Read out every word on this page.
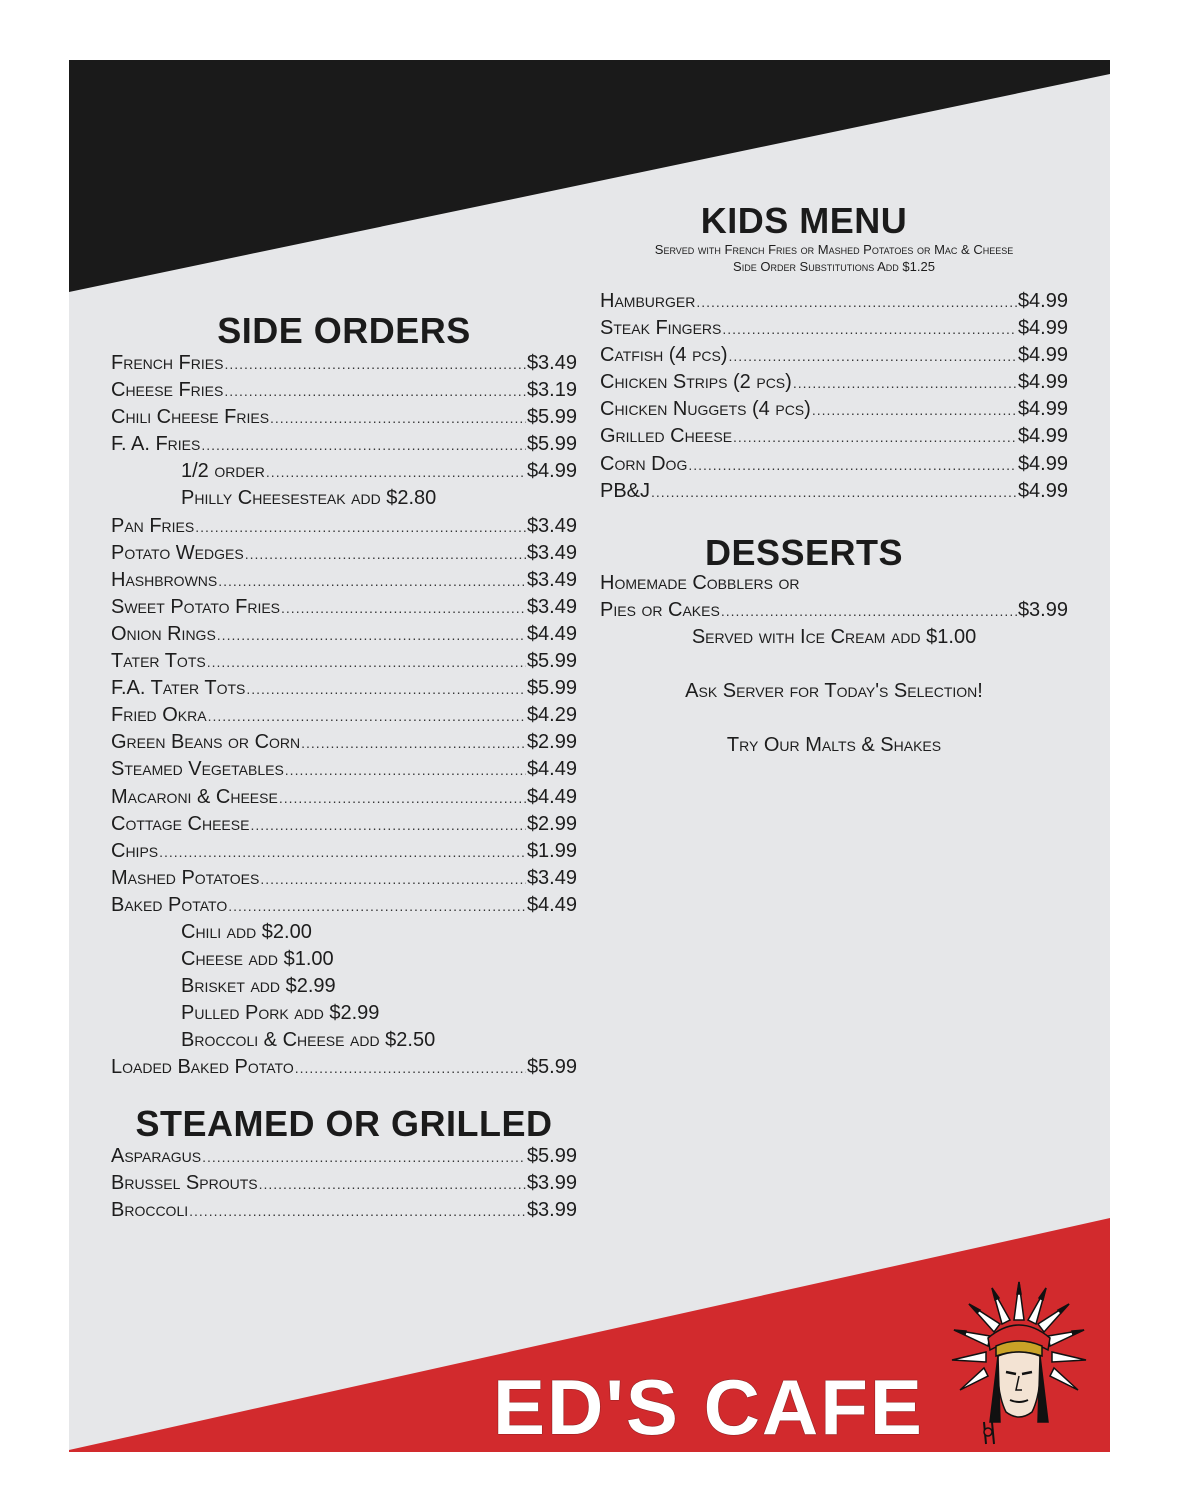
SIDE ORDERS
French Fries .....	$3.49
Cheese Fries .....	$3.19
Chili Cheese Fries .....	$5.99
F. A. Fries .....	$5.99
1/2 order .....	$4.99
Philly Cheesesteak add $2.80
Pan Fries .....	$3.49
Potato Wedges .....	$3.49
Hashbrowns .....	$3.49
Sweet Potato Fries .....	$3.49
Onion Rings .....	$4.49
Tater Tots .....	$5.99
F.A. Tater Tots .....	$5.99
Fried Okra .....	$4.29
Green Beans or Corn .....	$2.99
Steamed Vegetables .....	$4.49
Macaroni & Cheese .....	$4.49
Cottage Cheese .....	$2.99
Chips .....	$1.99
Mashed Potatoes .....	$3.49
Baked Potato .....	$4.49
Chili add $2.00
Cheese add $1.00
Brisket add $2.99
Pulled Pork add $2.99
Broccoli & Cheese add $2.50
Loaded Baked Potato .....	$5.99
STEAMED OR GRILLED
Asparagus .....	$5.99
Brussel Sprouts .....	$3.99
Broccoli .....	$3.99
KIDS MENU
Served with French Fries or Mashed Potatoes or Mac & Cheese
Side Order Substitutions Add $1.25
Hamburger .....	$4.99
Steak Fingers .....	$4.99
Catfish (4 pcs) .....	$4.99
Chicken Strips (2 pcs) .....	$4.99
Chicken Nuggets (4 pcs) .....	$4.99
Grilled Cheese .....	$4.99
Corn Dog .....	$4.99
PB&J .....	$4.99
DESSERTS
Homemade Cobblers or
Pies or Cakes .....	$3.99
Served with Ice Cream add $1.00
Ask Server for Today's Selection!
Try Our Malts & Shakes
ED'S CAFE
